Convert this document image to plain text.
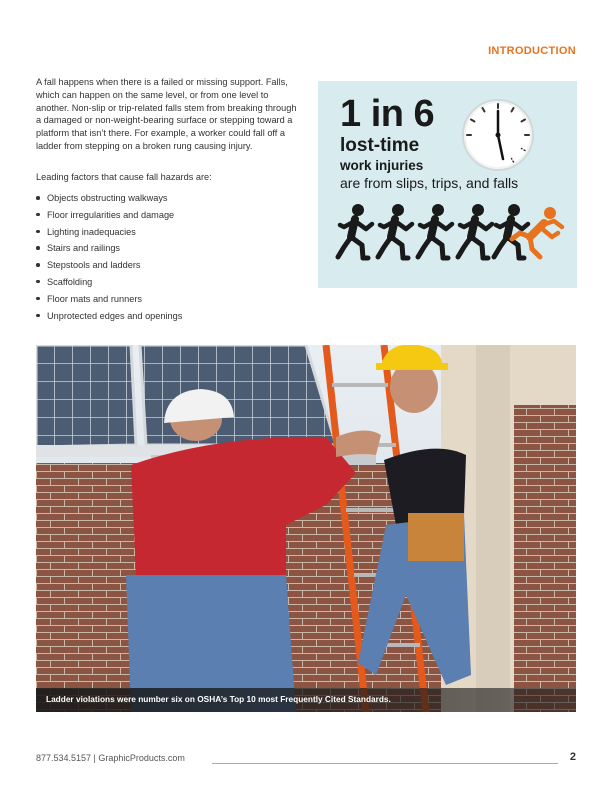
INTRODUCTION

A fall happens when there is a failed or missing support. Falls, which can happen on the same level, or from one level to another. Non-slip or trip-related falls stem from breaking through a damaged or non-weight-bearing surface or stepping toward a platform that isn’t there. For example, a worker could fall off a ladder from stepping on a broken rung causing injury.

Leading factors that cause fall hazards are:

Objects obstructing walkways
Floor irregularities and damage
Lighting inadequacies
Stairs and railings
Stepstools and ladders
Scaffolding
Floor mats and runners
Unprotected edges and openings
1 in 6
lost-time
work injuries
are from slips, trips, and falls
Ladder violations were number six on OSHA’s Top 10 most Frequently Cited Standards.
877.534.5157 | GraphicProducts.com	2
